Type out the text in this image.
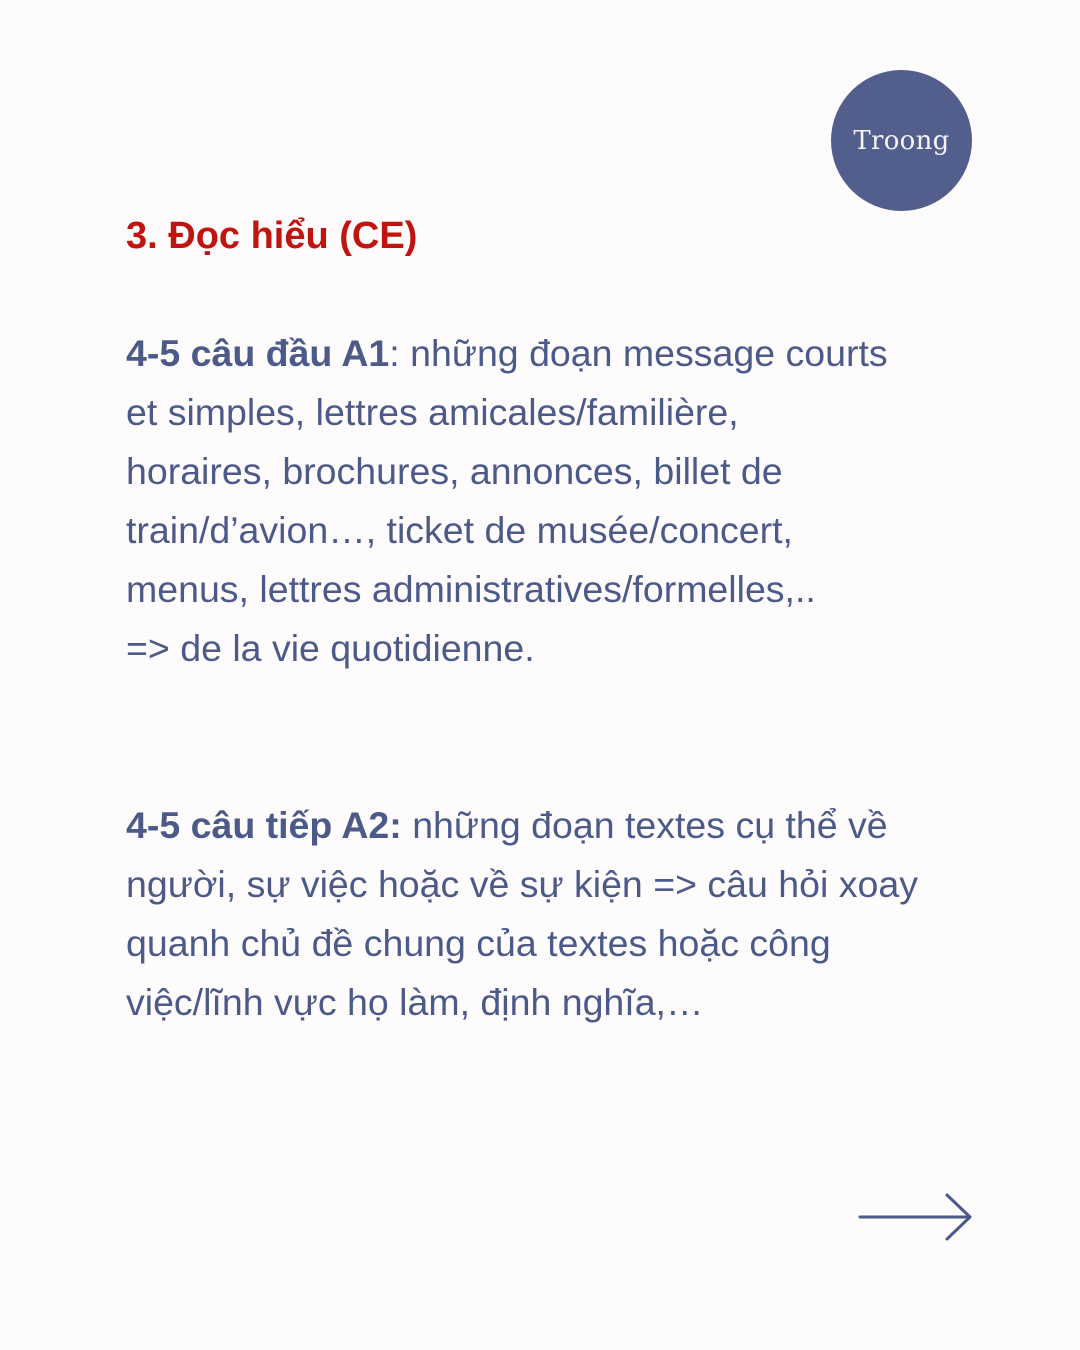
Troong
3. Đọc hiểu (CE)

4-5 câu đầu A1: những đoạn message courts
et simples, lettres amicales/familière,
horaires, brochures, annonces, billet de
train/d’avion…, ticket de musée/concert,
menus, lettres administratives/formelles,..
=> de la vie quotidienne.

4-5 câu tiếp A2: những đoạn textes cụ thể về
người, sự việc hoặc về sự kiện => câu hỏi xoay
quanh chủ đề chung của textes hoặc công
việc/lĩnh vực họ làm, định nghĩa,…
